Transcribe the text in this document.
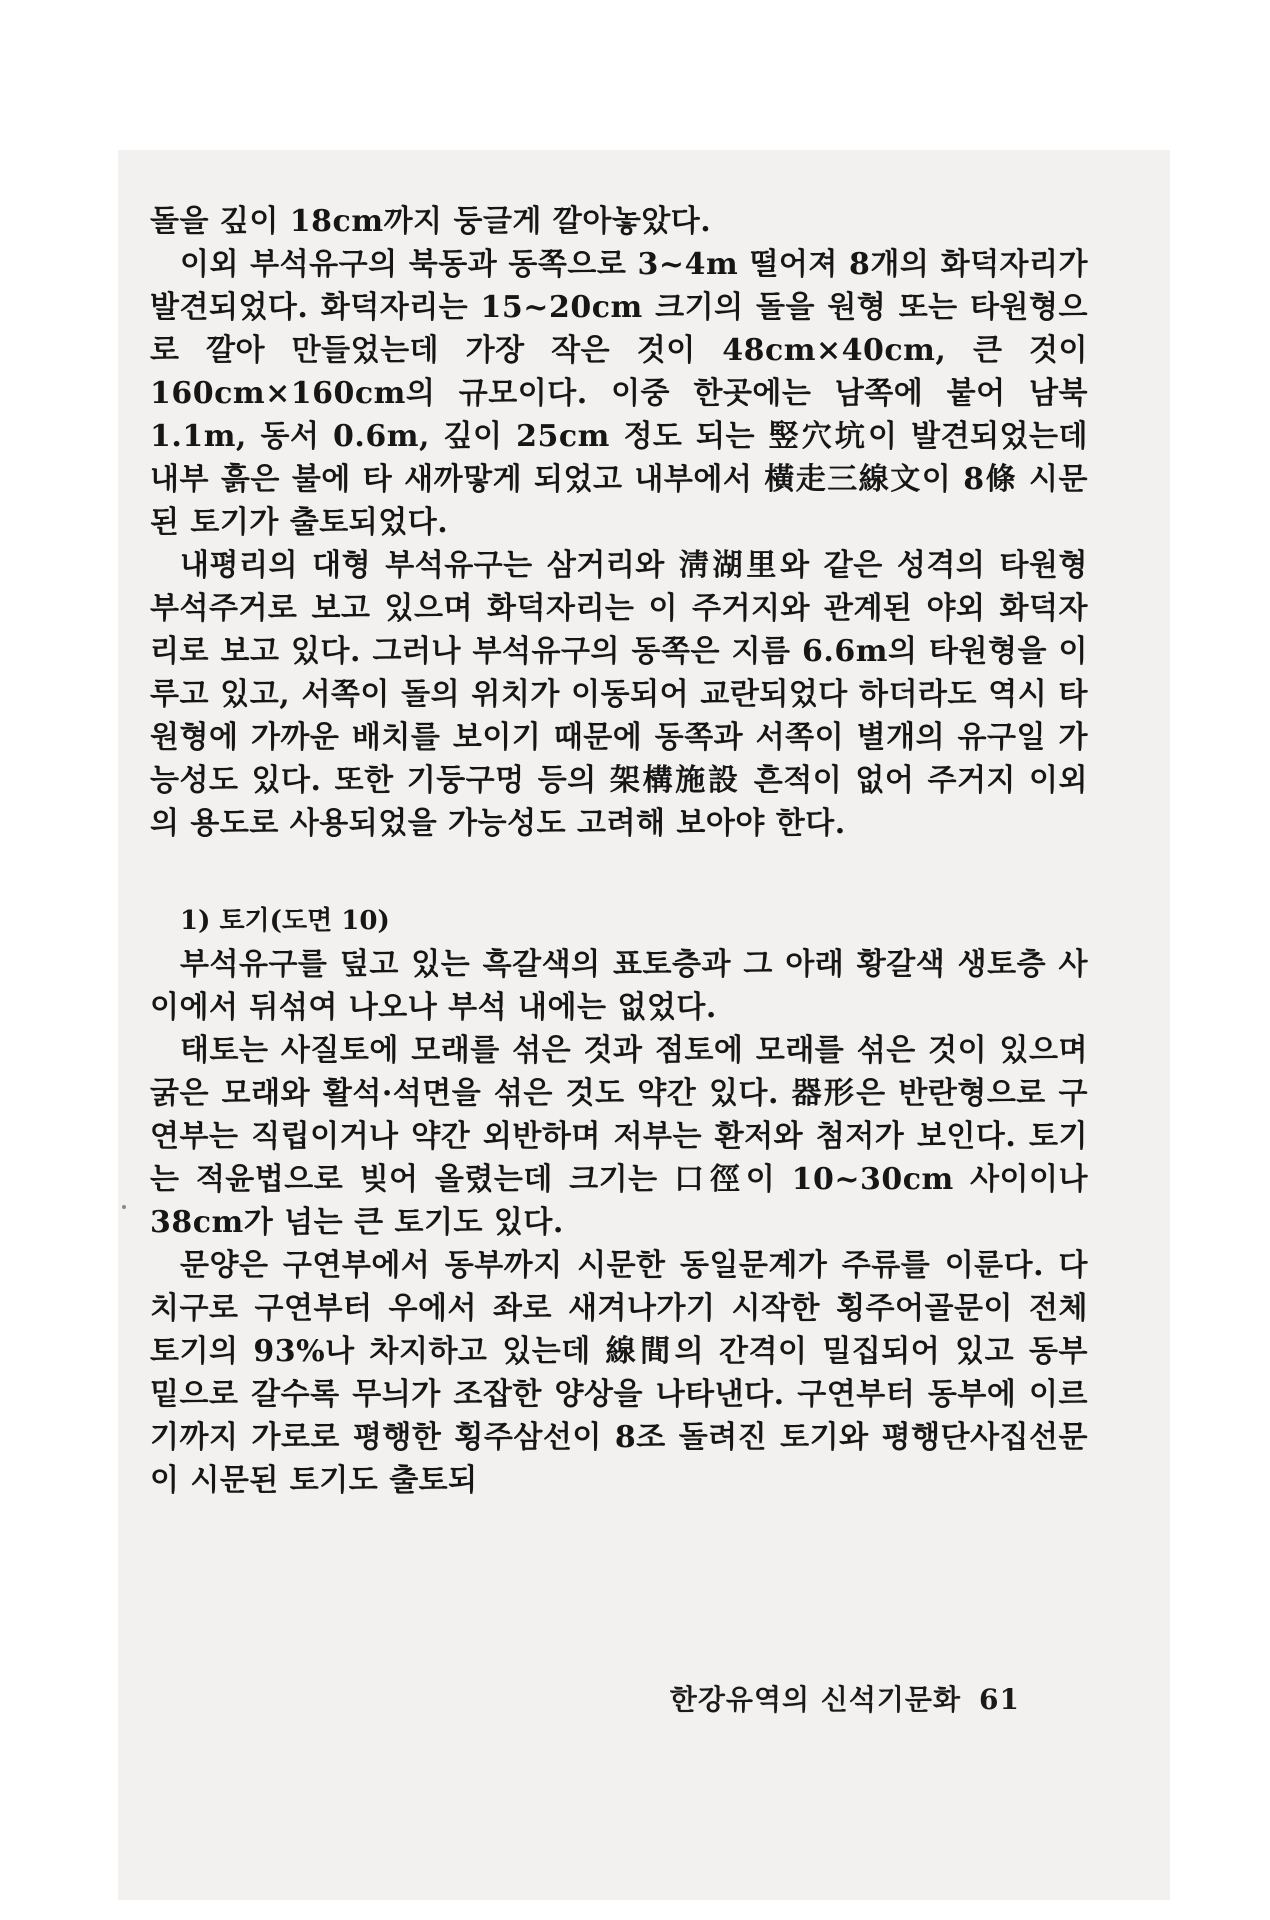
돌을 깊이 18cm까지 둥글게 깔아놓았다.

이외 부석유구의 북동과 동쪽으로 3~4m 떨어져 8개의 화덕자리가 발견되었다. 화덕자리는 15~20cm 크기의 돌을 원형 또는 타원형으로 깔아 만들었는데 가장 작은 것이 48cm×40cm, 큰 것이 160cm×160cm의 규모이다. 이중 한곳에는 남쪽에 붙어 남북 1.1m, 동서 0.6m, 깊이 25cm 정도 되는 竪穴坑이 발견되었는데 내부 흙은 불에 타 새까맣게 되었고 내부에서 橫走三線文이 8條 시문된 토기가 출토되었다.

내평리의 대형 부석유구는 삼거리와 淸湖里와 같은 성격의 타원형 부석주거로 보고 있으며 화덕자리는 이 주거지와 관계된 야외 화덕자리로 보고 있다. 그러나 부석유구의 동쪽은 지름 6.6m의 타원형을 이루고 있고, 서쪽이 돌의 위치가 이동되어 교란되었다 하더라도 역시 타원형에 가까운 배치를 보이기 때문에 동쪽과 서쪽이 별개의 유구일 가능성도 있다. 또한 기둥구멍 등의 架構施設 흔적이 없어 주거지 이외의 용도로 사용되었을 가능성도 고려해 보아야 한다.

1) 토기(도면 10)

부석유구를 덮고 있는 흑갈색의 표토층과 그 아래 황갈색 생토층 사이에서 뒤섞여 나오나 부석 내에는 없었다.

태토는 사질토에 모래를 섞은 것과 점토에 모래를 섞은 것이 있으며 굵은 모래와 활석·석면을 섞은 것도 약간 있다. 器形은 반란형으로 구연부는 직립이거나 약간 외반하며 저부는 환저와 첨저가 보인다. 토기는 적윤법으로 빚어 올렸는데 크기는 口徑이 10~30cm 사이이나 38cm가 넘는 큰 토기도 있다.

문양은 구연부에서 동부까지 시문한 동일문계가 주류를 이룬다. 다치구로 구연부터 우에서 좌로 새겨나가기 시작한 횡주어골문이 전체 토기의 93%나 차지하고 있는데 線間의 간격이 밀집되어 있고 동부 밑으로 갈수록 무늬가 조잡한 양상을 나타낸다. 구연부터 동부에 이르기까지 가로로 평행한 횡주삼선이 8조 돌려진 토기와 평행단사집선문이 시문된 토기도 출토되

한강유역의 신석기문화 61
